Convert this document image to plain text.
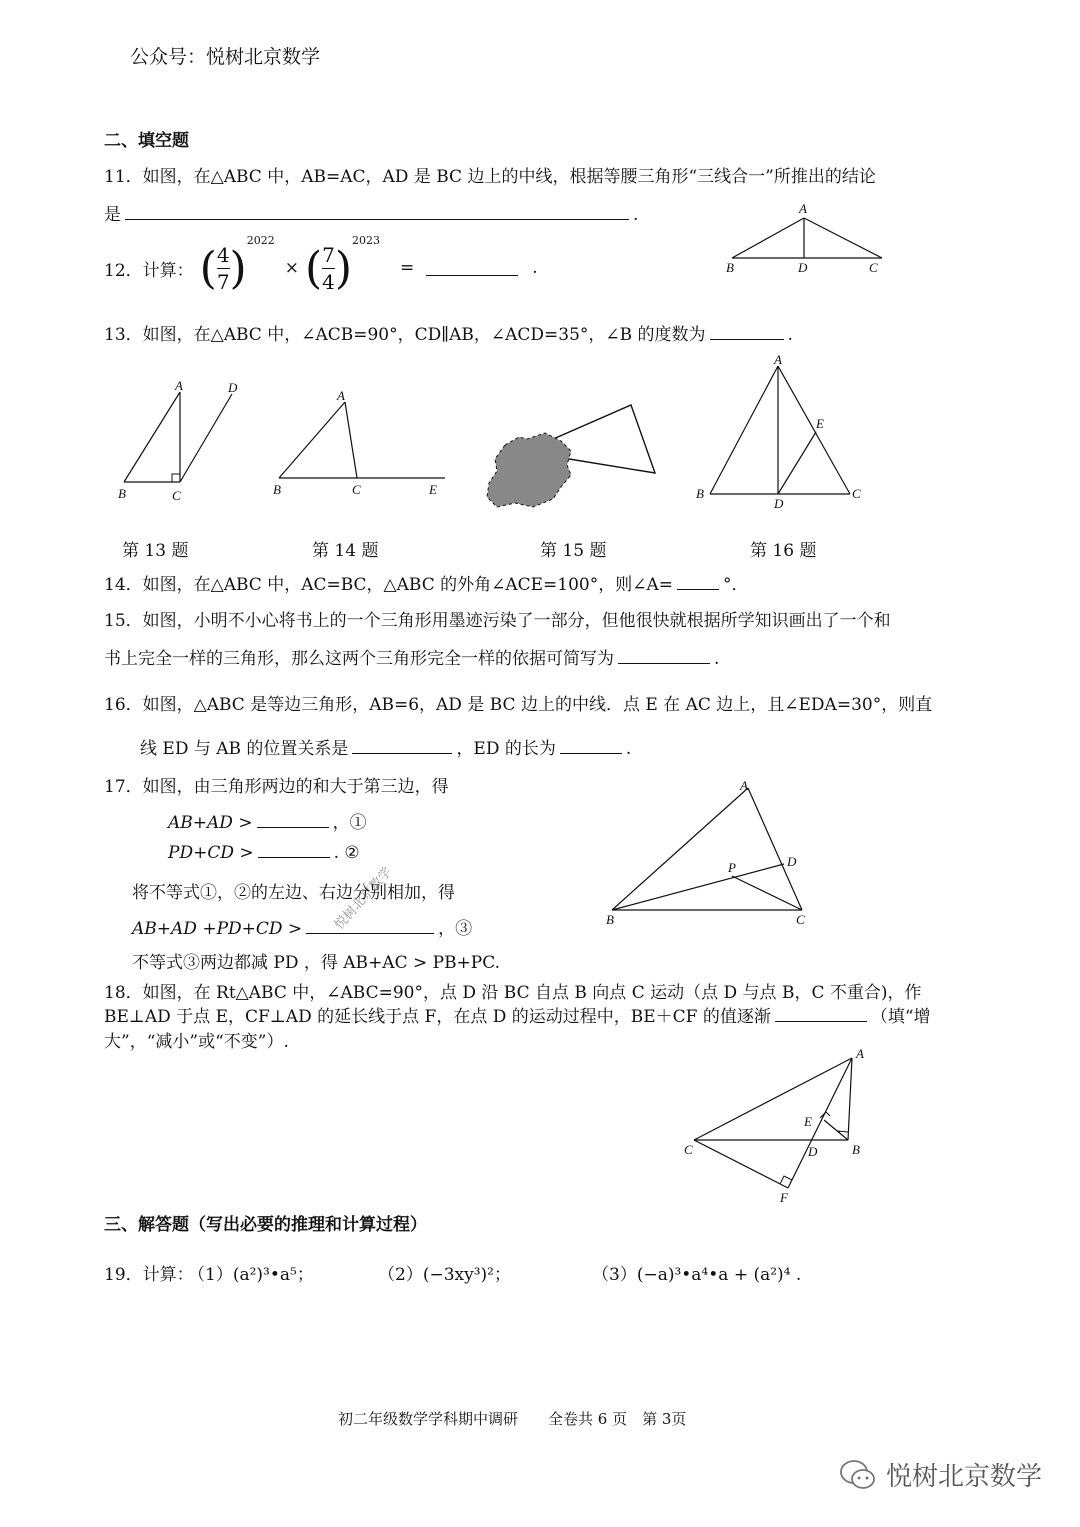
公众号：悦树北京数学
二、填空题
11．如图，在△ABC 中，AB=AC，AD 是 BC 边上的中线，根据等腰三角形“三线合一”所推出的结论
是	.	A
B	D	C
12．计算： ( $\frac{4}{7}$ )
2022
× ( $\frac{7}{4}$ )
2023
=	.
13．如图，在△ABC 中，∠ACB=90°，CD∥AB，∠ACD=35°，∠B 的度数为	.
A	D
B	C
A
B	C	E
A
E
B
D
C
第 13 题	第 14 题	第 15 题	第 16 题
14．如图，在△ABC 中，AC=BC，△ABC 的外角∠ACE=100°，则∠A=	°．
15．如图，小明不小心将书上的一个三角形用墨迹污染了一部分，但他很快就根据所学知识画出了一个和
书上完全一样的三角形，那么这两个三角形完全一样的依据可简写为	.
16．如图，△ABC 是等边三角形，AB=6，AD 是 BC 边上的中线．点 E 在 AC 边上，且∠EDA=30°，则直
线 ED 与 AB 的位置关系是	，ED 的长为	.
17．如图，由三角形两边的和大于第三边，得
AB+AD >	，①
PD+CD >	. ②
将不等式①，②的左边、右边分别相加，得
AB+AD +PD+CD >	，③
不等式③两边都减 PD ，得 AB+AC > PB+PC.
A
D
P
B	C
18．如图，在 Rt△ABC 中，∠ABC=90°，点 D 沿 BC 自点 B 向点 C 运动（点 D 与点 B，C 不重合)，作
BE⊥AD 于点 E，CF⊥AD 的延长线于点 F，在点 D 的运动过程中，BE＋CF 的值逐渐	（填“增
大”，“减小”或“不变”）.
A
E
C	D	B
F
三、解答题（写出必要的推理和计算过程）
19．计算：
（1）(a²)³•a⁵；	（2）(−3xy³)²；	（3）(−a)³•a⁴•a + (a²)⁴ .
初二年级数学学科期中调研　　全卷共 6 页　第 3页
悦树北京数学
悦树北京数学
